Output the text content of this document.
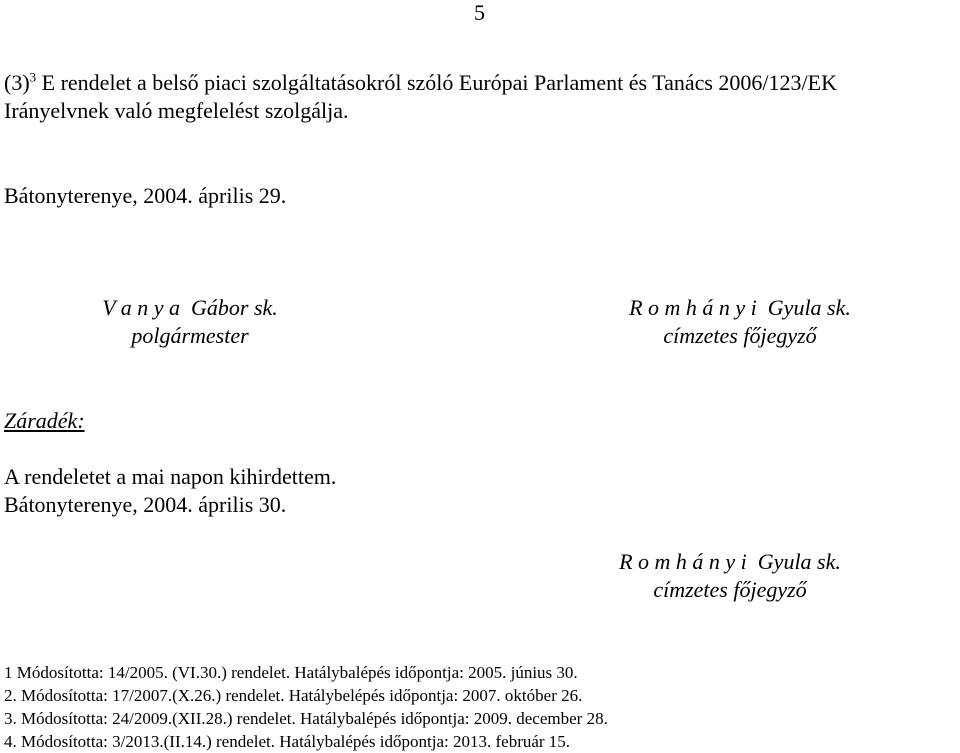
5
$(3)^3$ E rendelet a belső piaci szolgáltatásokról szóló Európai Parlament és Tanács 2006/123/EK
Irányelvnek való megfelelést szolgálja.
Bátonyterenye, 2004. április 29.
V a n y a  Gábor sk.
polgármester
R o m h á n y i  Gyula sk.
címzetes főjegyző
Záradék:
A rendeletet a mai napon kihirdettem.
Bátonyterenye, 2004. április 30.
R o m h á n y i  Gyula sk.
címzetes főjegyző
1 Módosította: 14/2005. (VI.30.) rendelet. Hatálybalépés időpontja: 2005. június 30.
2. Módosította: 17/2007.(X.26.) rendelet. Hatálybelépés időpontja: 2007. október 26.
3. Módosította: 24/2009.(XII.28.) rendelet. Hatálybalépés időpontja: 2009. december 28.
4. Módosította: 3/2013.(II.14.) rendelet. Hatálybalépés időpontja: 2013. február 15.
